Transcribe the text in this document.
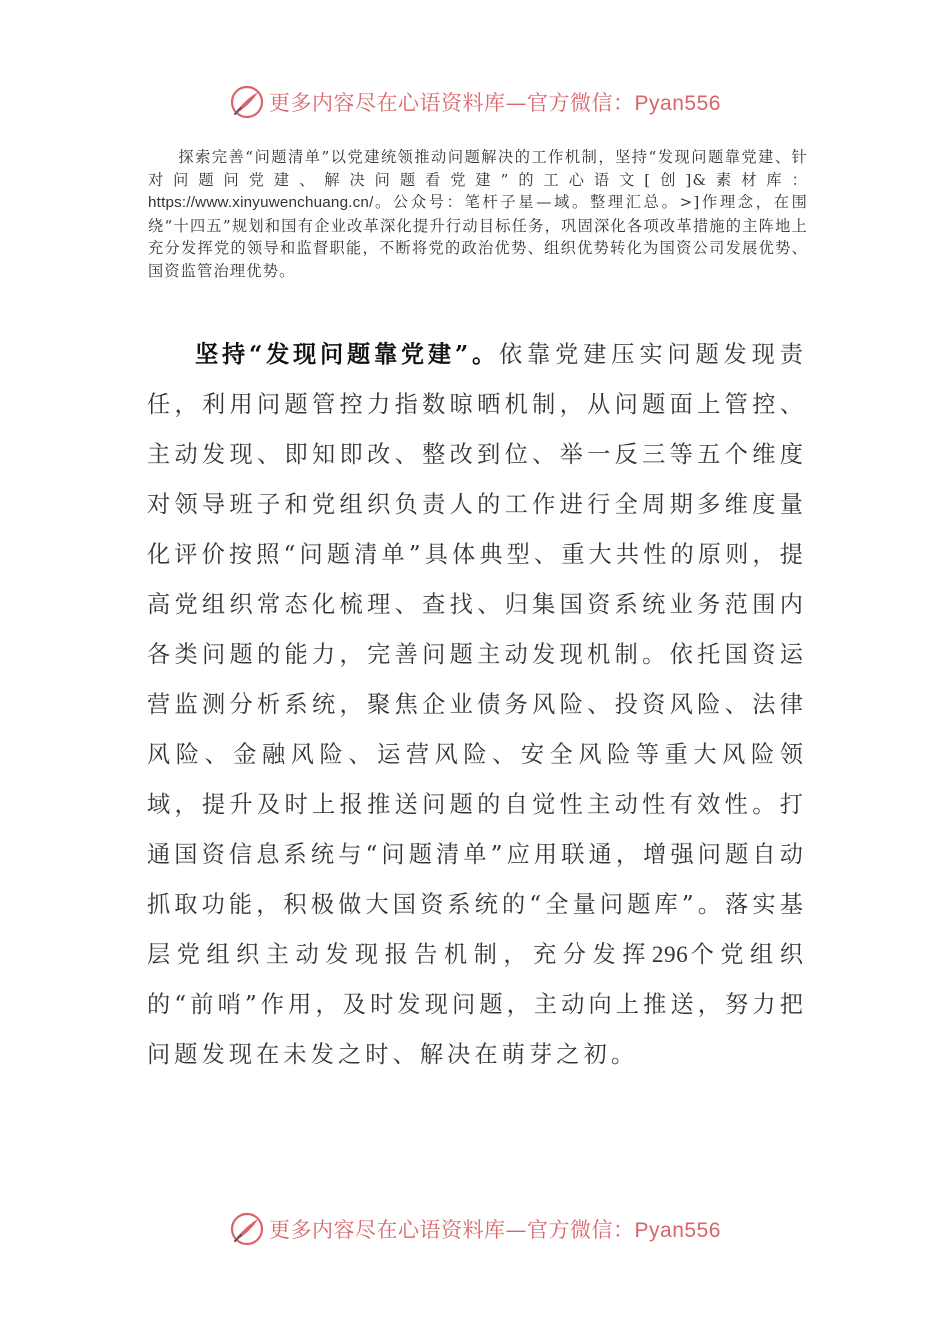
更多内容尽在心语资料库—官方微信：Pyan556

探索完善“问题清单”以党建统领推动问题解决的工作机制，坚持“发现问题靠党建、针对问题问党建、解决问题看党建”的工心语文[创]&素材库：https://www.xinyuwenchuang.cn/。公众号：笔杆子星—域。整理汇总。>]作理念，在围绕“十四五”规划和国有企业改革深化提升行动目标任务，巩固深化各项改革措施的主阵地上充分发挥党的领导和监督职能，不断将党的政治优势、组织优势转化为国资公司发展优势、国资监管治理优势。

坚持“发现问题靠党建”。依靠党建压实问题发现责任，利用问题管控力指数晾晒机制，从问题面上管控、主动发现、即知即改、整改到位、举一反三等五个维度对领导班子和党组织负责人的工作进行全周期多维度量化评价按照“问题清单”具体典型、重大共性的原则，提高党组织常态化梳理、查找、归集国资系统业务范围内各类问题的能力，完善问题主动发现机制。依托国资运营监测分析系统，聚焦企业债务风险、投资风险、法律风险、金融风险、运营风险、安全风险等重大风险领域，提升及时上报推送问题的自觉性主动性有效性。打通国资信息系统与“问题清单”应用联通，增强问题自动抓取功能，积极做大国资系统的“全量问题库”。落实基层党组织主动发现报告机制，充分发挥296个党组织的“前哨”作用，及时发现问题，主动向上推送，努力把问题发现在未发之时、解决在萌芽之初。

更多内容尽在心语资料库—官方微信：Pyan556
